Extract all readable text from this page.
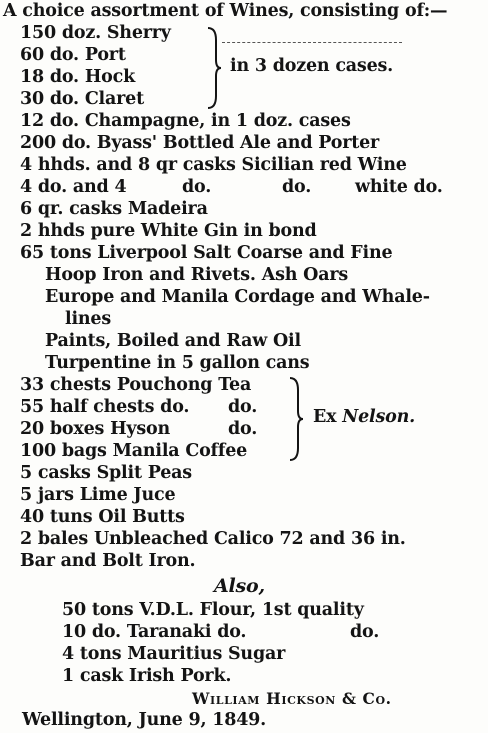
A choice assortment of Wines, consisting of:—
150 doz. Sherry
60 do. Port
18 do. Hock
30 do. Claret
in 3 dozen cases.
12 do. Champagne, in 1 doz. cases
200 do. Byass' Bottled Ale and Porter
4 hhds. and 8 qr casks Sicilian red Wine
4 do. and 4	do.	do.	white do.
6 qr. casks Madeira
2 hhds pure White Gin in bond
65 tons Liverpool Salt Coarse and Fine
Hoop Iron and Rivets. Ash Oars
Europe and Manila Cordage and Whale-
lines
Paints, Boiled and Raw Oil
Turpentine in 5 gallon cans
33 chests Pouchong Tea
55 half chests do. do.
20 boxes Hyson	do.
100 bags Manila Coffee
Ex Nelson.
5 casks Split Peas
5 jars Lime Juce
40 tuns Oil Butts
2 bales Unbleached Calico 72 and 36 in.
Bar and Bolt Iron.
Also,
50 tons V.D.L. Flour, 1st quality
10 do. Taranaki do.	do.
4 tons Mauritius Sugar
1 cask Irish Pork.
William Hickson & Co.
Wellington, June 9, 1849.
